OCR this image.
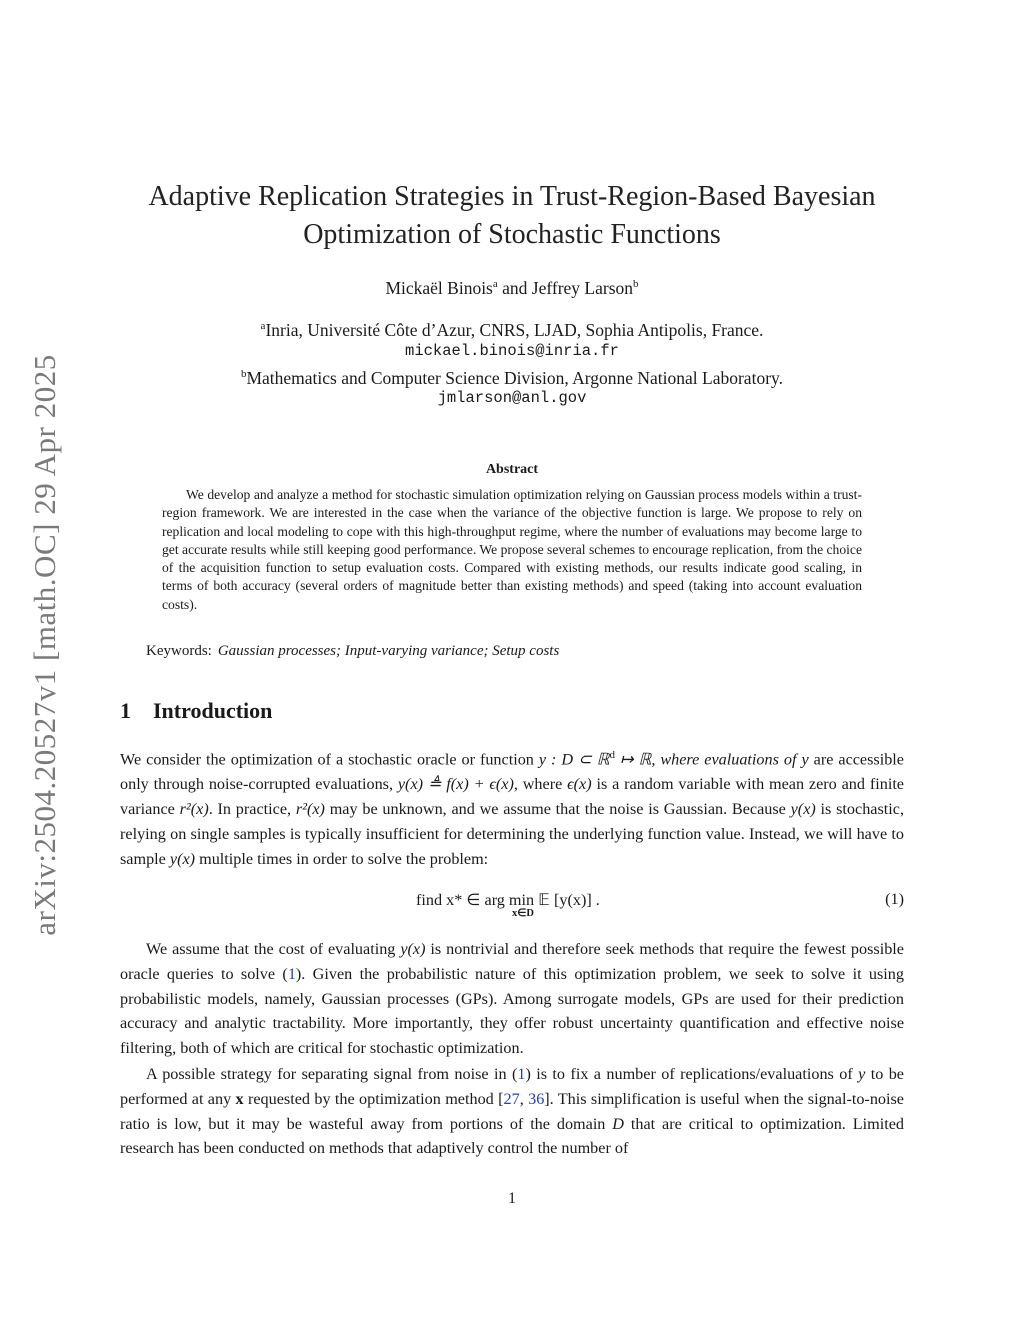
arXiv:2504.20527v1 [math.OC] 29 Apr 2025
Adaptive Replication Strategies in Trust-Region-Based Bayesian
Optimization of Stochastic Functions
Mickaël Binois$^a$ and Jeffrey Larson$^b$
$^a$Inria, Université Côte d’Azur, CNRS, LJAD, Sophia Antipolis, France.
mickael.binois@inria.fr
$^b$Mathematics and Computer Science Division, Argonne National Laboratory.
jmlarson@anl.gov
Abstract
We develop and analyze a method for stochastic simulation optimization relying on Gaussian process models within a trust-region framework. We are interested in the case when the variance of the objective function is large. We propose to rely on replication and local modeling to cope with this high-throughput regime, where the number of evaluations may become large to get accurate results while still keeping good performance. We propose several schemes to encourage replication, from the choice of the acquisition function to setup evaluation costs. Compared with existing methods, our results indicate good scaling, in terms of both accuracy (several orders of magnitude better than existing methods) and speed (taking into account evaluation costs).
Keywords: Gaussian processes; Input-varying variance; Setup costs
1 Introduction
We consider the optimization of a stochastic oracle or function y : D ⊂ ℝ$^d$ ↦ ℝ, where evaluations of y are accessible only through noise-corrupted evaluations, y(x) ≜ f(x) + ϵ(x), where ϵ(x) is a random variable with mean zero and finite variance r²(x). In practice, r²(x) may be unknown, and we assume that the noise is Gaussian. Because y(x) is stochastic, relying on single samples is typically insufficient for determining the underlying function value. Instead, we will have to sample y(x) multiple times in order to solve the problem:
find x* ∈ arg min 𝔼 [y(x)] .
x∈D
(1)
We assume that the cost of evaluating y(x) is nontrivial and therefore seek methods that require the fewest possible oracle queries to solve (1). Given the probabilistic nature of this optimization problem, we seek to solve it using probabilistic models, namely, Gaussian processes (GPs). Among surrogate models, GPs are used for their prediction accuracy and analytic tractability. More importantly, they offer robust uncertainty quantification and effective noise filtering, both of which are critical for stochastic optimization.
A possible strategy for separating signal from noise in (1) is to fix a number of replications/evaluations of y to be performed at any x requested by the optimization method [27, 36]. This simplification is useful when the signal-to-noise ratio is low, but it may be wasteful away from portions of the domain D that are critical to optimization. Limited research has been conducted on methods that adaptively control the number of
1
